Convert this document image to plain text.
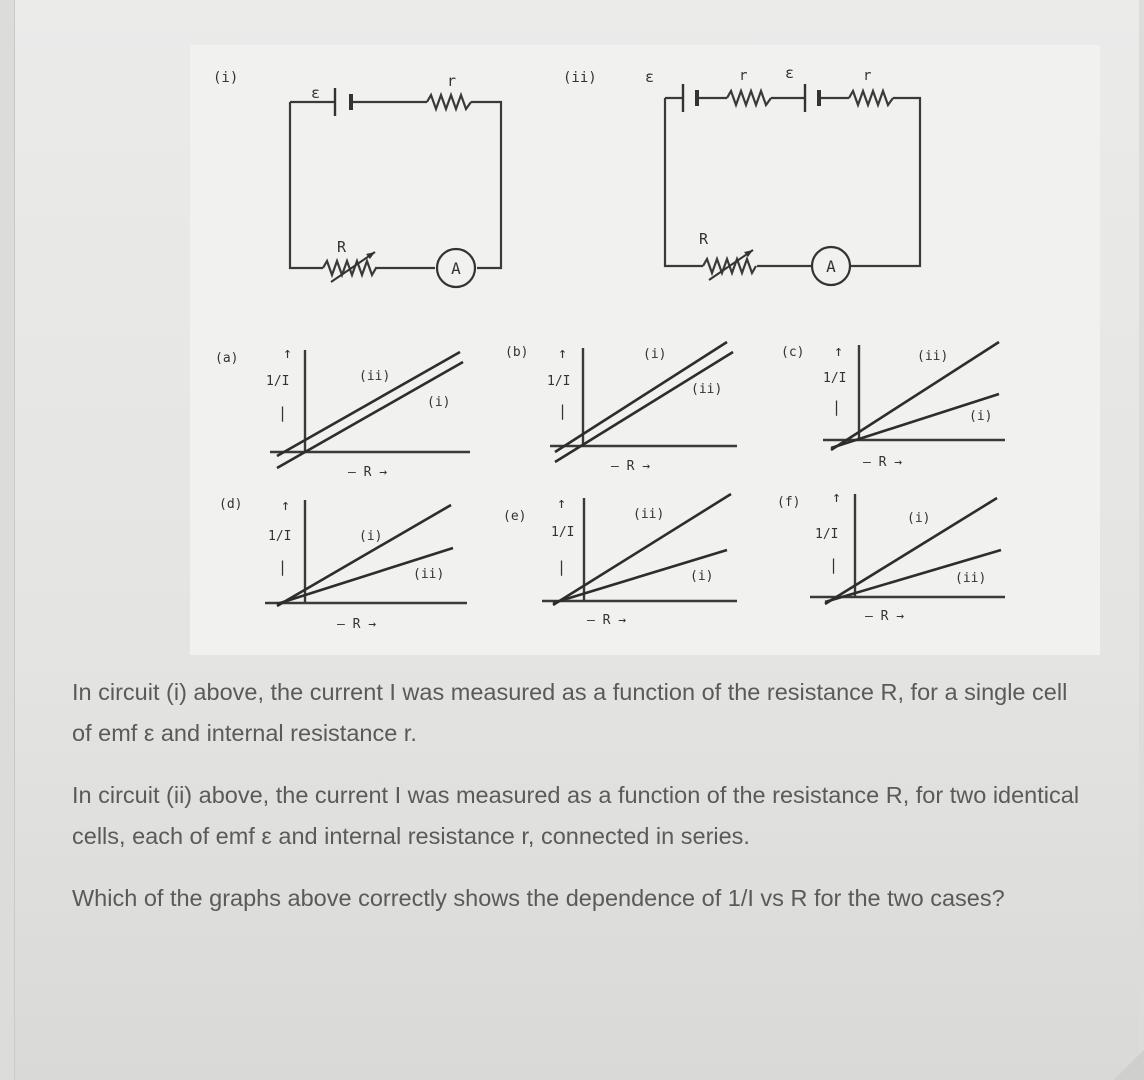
(i)
ε
r
R
A
(ii)	ε	r	ε	r
R
A
(a)	↑
1/I
|
(ii)
(i)
— R →
(b) ↑
1/I
|
(i)
(ii)
— R →
(c) ↑
1/I
|
(ii)
(i)
— R →
(d)	↑
1/I
|
(i)
(ii)
— R →
(e)
↑
1/I
|
(ii)
(i)
— R →
(f) ↑
1/I
|
(i)
(ii)
— R →

In circuit (i) above, the current I was measured as a function of the resistance R, for a single cell of emf ε and internal resistance r.

In circuit (ii) above, the current I was measured as a function of the resistance R, for two identical cells, each of emf ε and internal resistance r, connected in series.

Which of the graphs above correctly shows the dependence of 1/I vs R for the two cases?
